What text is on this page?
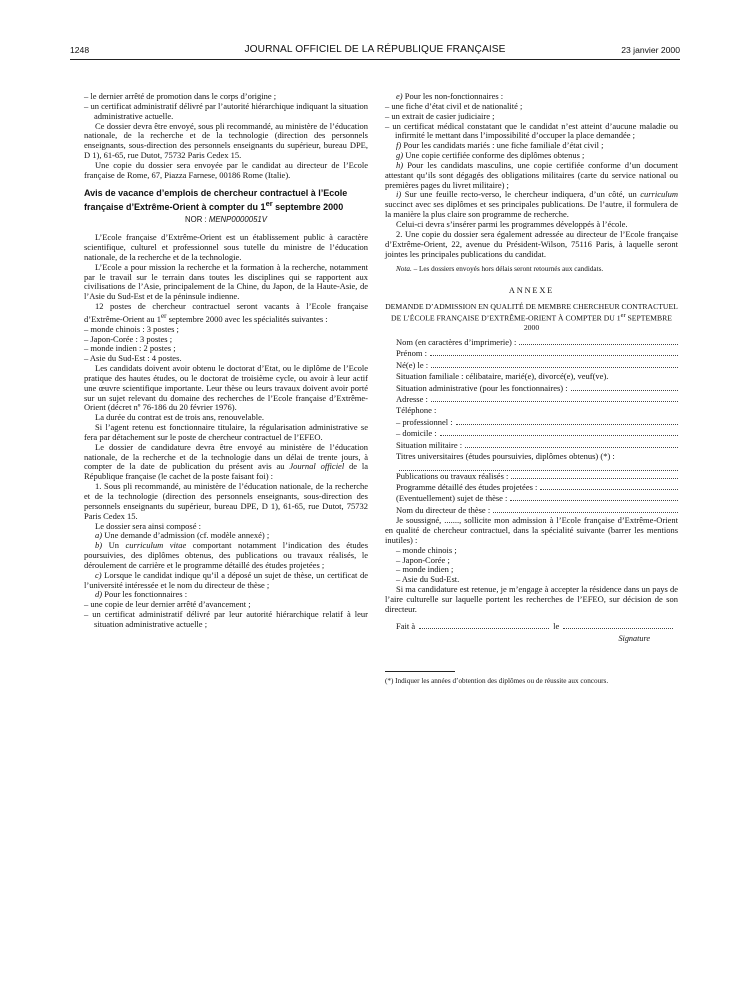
1248	JOURNAL OFFICIEL DE LA RÉPUBLIQUE FRANÇAISE	23 janvier 2000

– le dernier arrêté de promotion dans le corps d’origine ;

– un certificat administratif délivré par l’autorité hiérarchique indiquant la situation administrative actuelle.

Ce dossier devra être envoyé, sous pli recommandé, au ministère de l’éducation nationale, de la recherche et de la technologie (direction des personnels enseignants, sous-direction des personnels enseignants du supérieur, bureau DPE, D 1), 61-65, rue Dutot, 75732 Paris Cedex 15.

Une copie du dossier sera envoyée par le candidat au directeur de l’Ecole française de Rome, 67, Piazza Farnese, 00186 Rome (Italie).

Avis de vacance d’emplois de chercheur contractuel à l’Ecole française d’Extrême-Orient à compter du 1er septembre 2000

NOR : MENP0000051V

L’Ecole française d’Extrême-Orient est un établissement public à caractère scientifique, culturel et professionnel sous tutelle du ministre de l’éducation nationale, de la recherche et de la technologie.

L’Ecole a pour mission la recherche et la formation à la recherche, notamment par le travail sur le terrain dans toutes les disciplines qui se rapportent aux civilisations de l’Asie, principalement de la Chine, du Japon, de la Haute-Asie, de l’Asie du Sud-Est et de la péninsule indienne.

12 postes de chercheur contractuel seront vacants à l’Ecole française d’Extrême-Orient au 1er septembre 2000 avec les spécialités suivantes :

– monde chinois : 3 postes ;

– Japon-Corée : 3 postes ;

– monde indien : 2 postes ;

– Asie du Sud-Est : 4 postes.

Les candidats doivent avoir obtenu le doctorat d’Etat, ou le diplôme de l’Ecole pratique des hautes études, ou le doctorat de troisième cycle, ou avoir à leur actif une œuvre scientifique importante. Leur thèse ou leurs travaux doivent avoir porté sur un sujet relevant du domaine des recherches de l’Ecole française d’Extrême-Orient (décret nº 76-186 du 20 février 1976).

La durée du contrat est de trois ans, renouvelable.

Si l’agent retenu est fonctionnaire titulaire, la régularisation administrative se fera par détachement sur le poste de chercheur contractuel de l’EFEO.

Le dossier de candidature devra être envoyé au ministère de l’éducation nationale, de la recherche et de la technologie dans un délai de trente jours, à compter de la date de publication du présent avis au Journal officiel de la République française (le cachet de la poste faisant foi) :

1. Sous pli recommandé, au ministère de l’éducation nationale, de la recherche et de la technologie (direction des personnels enseignants, sous-direction des personnels enseignants du supérieur, bureau DPE, D 1), 61-65, rue Dutot, 75732 Paris Cedex 15.

Le dossier sera ainsi composé :

a) Une demande d’admission (cf. modèle annexé) ;

b) Un curriculum vitae comportant notamment l’indication des études poursuivies, des diplômes obtenus, des publications ou travaux réalisés, le déroulement de carrière et le programme détaillé des études projetées ;

c) Lorsque le candidat indique qu’il a déposé un sujet de thèse, un certificat de l’université intéressée et le nom du directeur de thèse ;

d) Pour les fonctionnaires :

– une copie de leur dernier arrêté d’avancement ;

– un certificat administratif délivré par leur autorité hiérarchique relatif à leur situation administrative actuelle ;

e) Pour les non-fonctionnaires :

– une fiche d’état civil et de nationalité ;

– un extrait de casier judiciaire ;

– un certificat médical constatant que le candidat n’est atteint d’aucune maladie ou infirmité le mettant dans l’impossibilité d’occuper la place demandée ;

f) Pour les candidats mariés : une fiche familiale d’état civil ;

g) Une copie certifiée conforme des diplômes obtenus ;

h) Pour les candidats masculins, une copie certifiée conforme d’un document attestant qu’ils sont dégagés des obligations militaires (carte du service national ou premières pages du livret militaire) ;

i) Sur une feuille recto-verso, le chercheur indiquera, d’un côté, un curriculum succinct avec ses diplômes et ses principales publications. De l’autre, il formulera de la manière la plus claire son programme de recherche.

Celui-ci devra s’insérer parmi les programmes développés à l’école.

2. Une copie du dossier sera également adressée au directeur de l’Ecole française d’Extrême-Orient, 22, avenue du Président-Wilson, 75116 Paris, à laquelle seront jointes les principales publications du candidat.

Nota. – Les dossiers envoyés hors délais seront retournés aux candidats.

ANNEXE

DEMANDE D’ADMISSION EN QUALITÉ DE MEMBRE CHERCHEUR CONTRACTUEL DE L’ÉCOLE FRANÇAISE D’EXTRÊME-ORIENT À COMPTER DU 1er SEPTEMBRE 2000

Nom (en caractères d’imprimerie) :
Prénom :
Né(e) le :
Situation familiale : célibataire, marié(e), divorcé(e), veuf(ve).
Situation administrative (pour les fonctionnaires) :
Adresse :
Téléphone :
– professionnel :
– domicile :
Situation militaire :
Titres universitaires (études poursuivies, diplômes obtenus) (*) :
Publications ou travaux réalisés :
Programme détaillé des études projetées :
(Eventuellement) sujet de thèse :
Nom du directeur de thèse :

Je soussigné, ......., sollicite mon admission à l’Ecole française d’Extrême-Orient en qualité de chercheur contractuel, dans la spécialité suivante (barrer les mentions inutiles) :

– monde chinois ;

– Japon-Corée ;

– monde indien ;

– Asie du Sud-Est.

Si ma candidature est retenue, je m’engage à accepter la résidence dans un pays de l’aire culturelle sur laquelle portent les recherches de l’EFEO, sur décision de son directeur.

Fait à	le

Signature

(*) Indiquer les années d’obtention des diplômes ou de réussite aux concours.
